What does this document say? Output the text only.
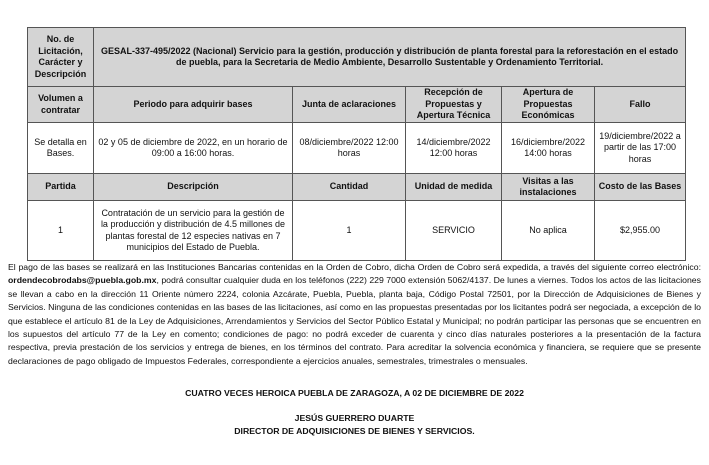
No. de Licitación, Carácter y Descripción	GESAL-337-495/2022 (Nacional) Servicio para la gestión, producción y distribución de planta forestal para la reforestación en el estado de puebla, para la Secretaria de Medio Ambiente, Desarrollo Sustentable y Ordenamiento Territorial.				
Volumen a contratar	Periodo para adquirir bases	Junta de aclaraciones	Recepción de Propuestas y Apertura Técnica	Apertura de Propuestas Económicas	Fallo
Se detalla en Bases.	02 y 05 de diciembre de 2022, en un horario de 09:00 a 16:00 horas.	08/diciembre/2022 12:00 horas	14/diciembre/2022 12:00 horas	16/diciembre/2022 14:00 horas	19/diciembre/2022 a partir de las 17:00 horas
Partida	Descripción	Cantidad	Unidad de medida	Visitas a las instalaciones	Costo de las Bases
1	Contratación de un servicio para la gestión de la producción y distribución de 4.5 millones de plantas forestal de 12 especies nativas en 7 municipios del Estado de Puebla.	1	SERVICIO	No aplica	$2,955.00

El pago de las bases se realizará en las Instituciones Bancarias contenidas en la Orden de Cobro, dicha Orden de Cobro será expedida, a través del siguiente correo electrónico: ordendecobrodabs@puebla.gob.mx, podrá consultar cualquier duda en los teléfonos (222) 229 7000 extensión 5062/4137. De lunes a viernes. Todos los actos de las licitaciones se llevan a cabo en la dirección 11 Oriente número 2224, colonia Azcárate, Puebla, Puebla, planta baja, Código Postal 72501, por la Dirección de Adquisiciones de Bienes y Servicios. Ninguna de las condiciones contenidas en las bases de las licitaciones, así como en las propuestas presentadas por los licitantes podrá ser negociada, a excepción de lo que establece el artículo 81 de la Ley de Adquisiciones, Arrendamientos y Servicios del Sector Público Estatal y Municipal; no podrán participar las personas que se encuentren en los supuestos del artículo 77 de la Ley en comento; condiciones de pago: no podrá exceder de cuarenta y cinco días naturales posteriores a la presentación de la factura respectiva, previa prestación de los servicios y entrega de bienes, en los términos del contrato. Para acreditar la solvencia económica y financiera, se requiere que se presente declaraciones de pago obligado de Impuestos Federales, correspondiente a ejercicios anuales, semestrales, trimestrales o mensuales.

CUATRO VECES HEROICA PUEBLA DE ZARAGOZA, A 02 DE DICIEMBRE DE 2022

JESÚS GUERRERO DUARTE

DIRECTOR DE ADQUISICIONES DE BIENES Y SERVICIOS.
